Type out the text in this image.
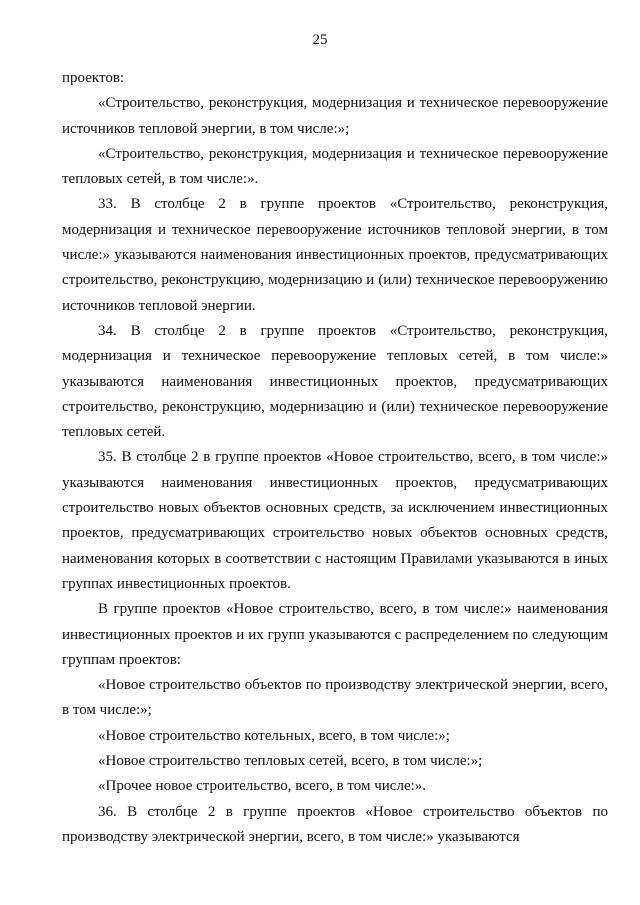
25

проектов:

«Строительство, реконструкция, модернизация и техническое перевооружение источников тепловой энергии, в том числе:»;

«Строительство, реконструкция, модернизация и техническое перевооружение тепловых сетей, в том числе:».

33. В столбце 2 в группе проектов «Строительство, реконструкция, модернизация и техническое перевооружение источников тепловой энергии, в том числе:» указываются наименования инвестиционных проектов, предусматривающих строительство, реконструкцию, модернизацию и (или) техническое перевооружению источников тепловой энергии.

34. В столбце 2 в группе проектов «Строительство, реконструкция, модернизация и техническое перевооружение тепловых сетей, в том числе:» указываются наименования инвестиционных проектов, предусматривающих строительство, реконструкцию, модернизацию и (или) техническое перевооружение тепловых сетей.

35. В столбце 2 в группе проектов «Новое строительство, всего, в том числе:» указываются наименования инвестиционных проектов, предусматривающих строительство новых объектов основных средств, за исключением инвестиционных проектов, предусматривающих строительство новых объектов основных средств, наименования которых в соответствии с настоящим Правилами указываются в иных группах инвестиционных проектов.

В группе проектов «Новое строительство, всего, в том числе:» наименования инвестиционных проектов и их групп указываются с распределением по следующим группам проектов:

«Новое строительство объектов по производству электрической энергии, всего, в том числе:»;

«Новое строительство котельных, всего, в том числе:»;

«Новое строительство тепловых сетей, всего, в том числе:»;

«Прочее новое строительство, всего, в том числе:».

36. В столбце 2 в группе проектов «Новое строительство объектов по производству электрической энергии, всего, в том числе:» указываются
